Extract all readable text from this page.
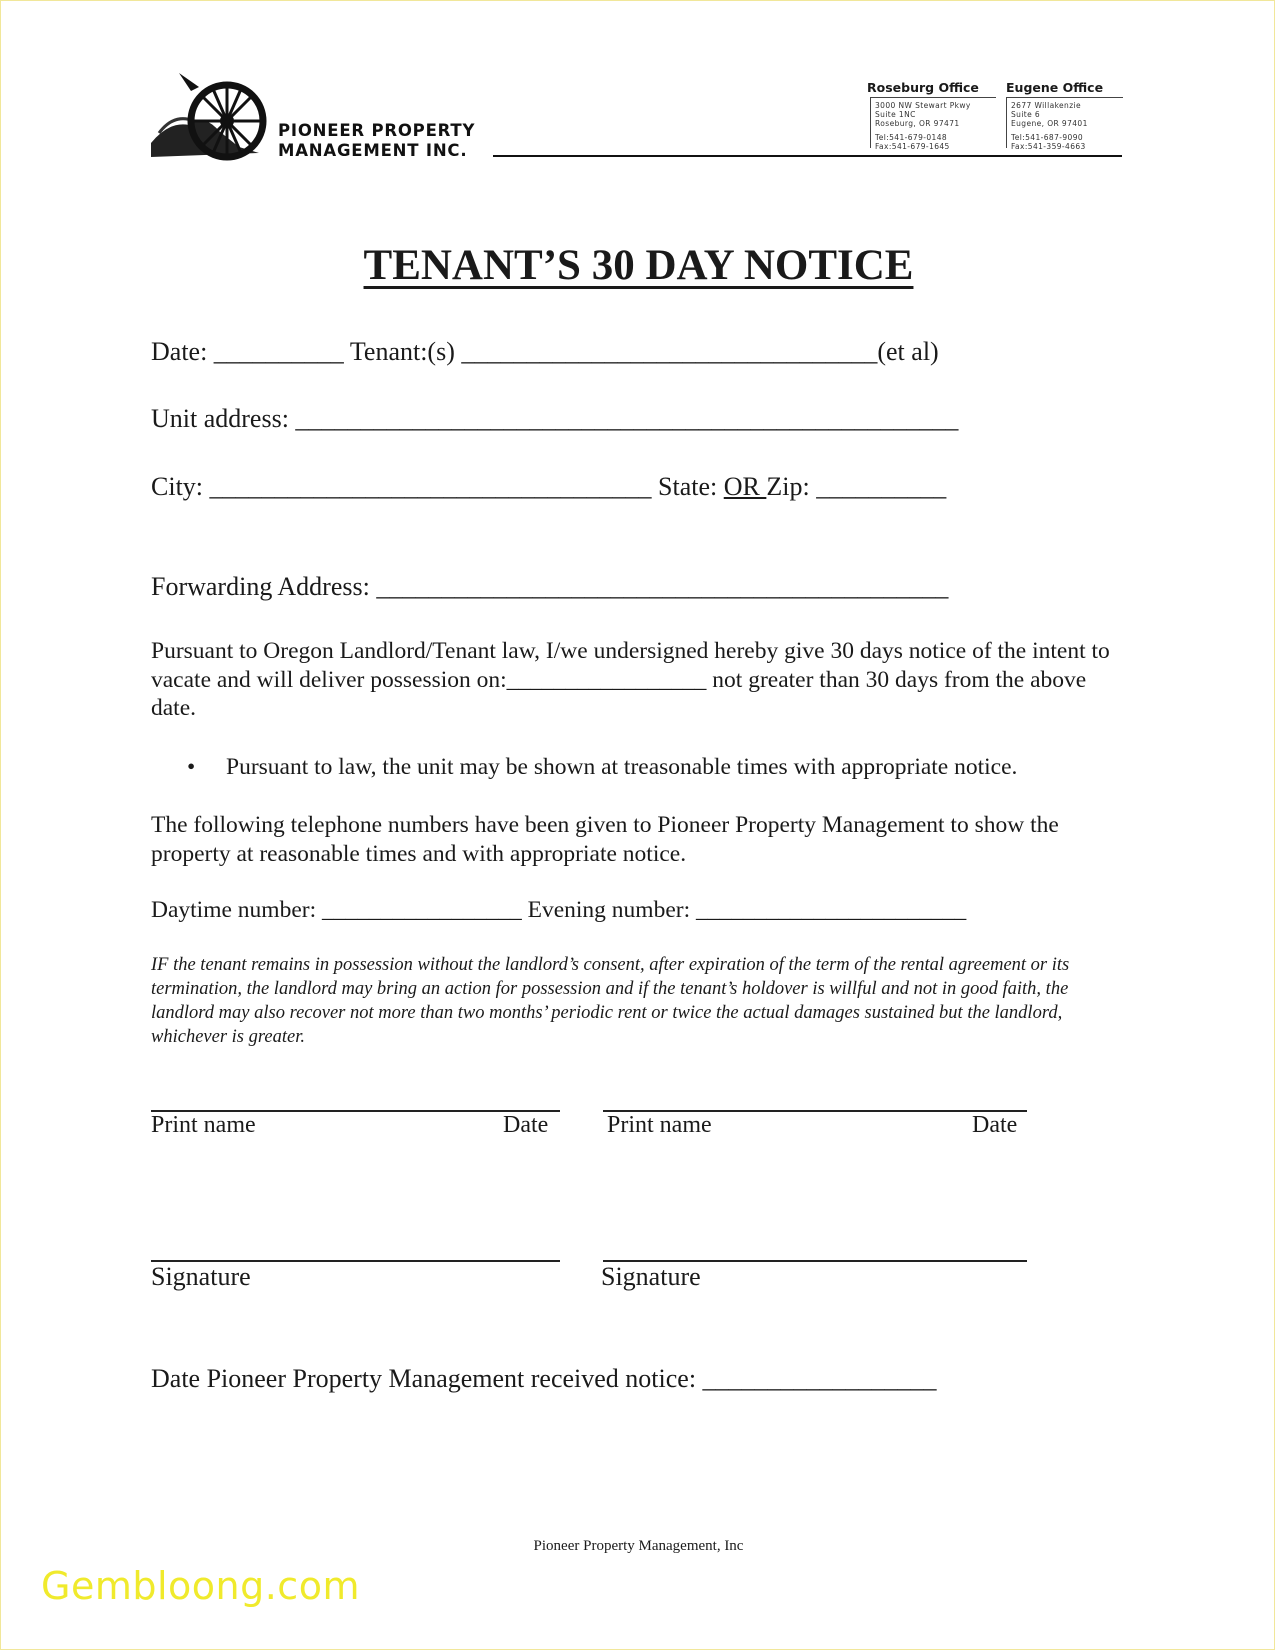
PIONEER PROPERTY
MANAGEMENT INC.
Roseburg Office
3000 NW Stewart Pkwy
Suite 1NC
Roseburg, OR 97471
Tel:541-679-0148
Fax:541-679-1645
Eugene Office
2677 Willakenzie
Suite 6
Eugene, OR 97401
Tel:541-687-9090
Fax:541-359-4663
TENANT’S 30 DAY NOTICE
Date: __________ Tenant:(s) ________________________________(et al)
Unit address: ___________________________________________________
City: __________________________________ State: OR Zip: __________
Forwarding Address: ____________________________________________
Pursuant to Oregon Landlord/Tenant law, I/we undersigned hereby give 30 days notice of the intent to vacate and will deliver possession on:_________________ not greater than 30 days from the above date.
• Pursuant to law, the unit may be shown at treasonable times with appropriate notice.
The following telephone numbers have been given to Pioneer Property Management to show the property at reasonable times and with appropriate notice.
Daytime number: _________________ Evening number: _______________________
IF the tenant remains in possession without the landlord’s consent, after expiration of the term of the rental agreement or its termination, the landlord may bring an action for possession and if the tenant’s holdover is willful and not in good faith, the landlord may also recover not more than two months’ periodic rent or twice the actual damages sustained but the landlord, whichever is greater.
Print name	Date Print name	Date
Signature	Signature
Date Pioneer Property Management received notice: __________________
Pioneer Property Management, Inc
Gembloong.com
